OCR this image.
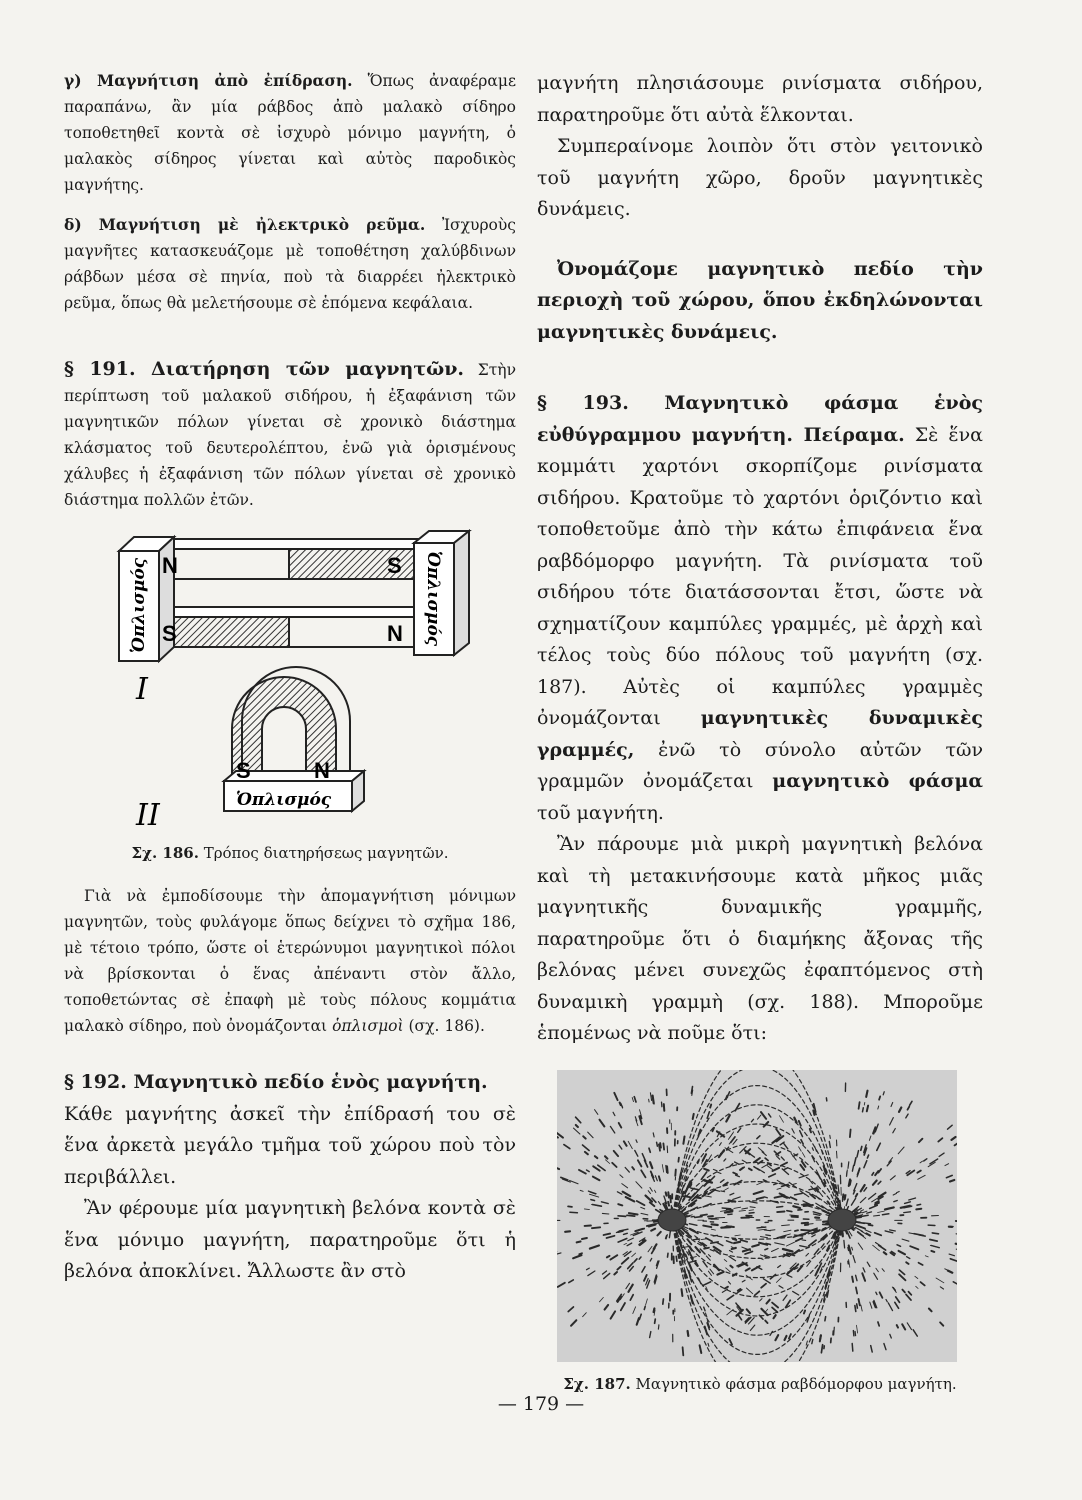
γ) Μαγνήτιση ἀπὸ ἐπίδραση. Ὅπως ἀναφέραμε παραπάνω, ἂν μία ράβδος ἀπὸ μαλακὸ σίδηρο τοποθετηθεῖ κοντὰ σὲ ἰσχυρὸ μόνιμο μαγνήτη, ὁ μαλακὸς σίδηρος γίνεται καὶ αὐτὸς παροδικὸς μαγνήτης.

δ) Μαγνήτιση μὲ ἠλεκτρικὸ ρεῦμα. Ἰσχυροὺς μαγνῆτες κατασκευάζομε μὲ τοποθέτηση χαλύβδινων ράβδων μέσα σὲ πηνία, ποὺ τὰ διαρρέει ἠλεκτρικὸ ρεῦμα, ὅπως θὰ μελετήσουμε σὲ ἑπόμενα κεφάλαια.

§ 191. Διατήρηση τῶν μαγνητῶν. Στὴν περίπτωση τοῦ μαλακοῦ σιδήρου, ἡ ἐξαφάνιση τῶν μαγνητικῶν πόλων γίνεται σὲ χρονικὸ διάστημα κλάσματος τοῦ δευτερολέπτου, ἐνῶ γιὰ ὁρισμένους χάλυβες ἡ ἐξαφάνιση τῶν πόλων γίνεται σὲ χρονικὸ διάστημα πολλῶν ἐτῶν.

N	S
S	N
Ὁπλισμός	Ὁπλισμός
I
S	N
Ὁπλισμός
II
Σχ. 186. Τρόπος διατηρήσεως μαγνητῶν.

Γιὰ νὰ ἐμποδίσουμε τὴν ἀπομαγνήτιση μόνιμων μαγνητῶν, τοὺς φυλάγομε ὅπως δείχνει τὸ σχῆμα 186, μὲ τέτοιο τρόπο, ὥστε οἱ ἑτερώνυμοι μαγνητικοὶ πόλοι νὰ βρίσκονται ὁ ἕνας ἀπέναντι στὸν ἄλλο, τοποθετώντας σὲ ἐπαφὴ μὲ τοὺς πόλους κομμάτια μαλακὸ σίδηρο, ποὺ ὀνομάζονται ὁπλισμοὶ (σχ. 186).

§ 192. Μαγνητικὸ πεδίο ἑνὸς μαγνήτη.

Κάθε μαγνήτης ἀσκεῖ τὴν ἐπίδρασή του σὲ ἕνα ἀρκετὰ μεγάλο τμῆμα τοῦ χώρου ποὺ τὸν περιβάλλει.

Ἂν φέρουμε μία μαγνητικὴ βελόνα κοντὰ σὲ ἕνα μόνιμο μαγνήτη, παρατηροῦμε ὅτι ἡ βελόνα ἀποκλίνει. Ἄλλωστε ἂν στὸ

μαγνήτη πλησιάσουμε ρινίσματα σιδήρου, παρατηροῦμε ὅτι αὐτὰ ἕλκονται.

Συμπεραίνομε λοιπὸν ὅτι στὸν γειτονικὸ τοῦ μαγνήτη χῶρο, δροῦν μαγνητικὲς δυνάμεις.

Ὀνομάζομε μαγνητικὸ πεδίο τὴν περιοχὴ τοῦ χώρου, ὅπου ἐκδηλώνονται μαγνητικὲς δυνάμεις.

§ 193. Μαγνητικὸ φάσμα ἑνὸς εὐθύγραμμου μαγνήτη. Πείραμα. Σὲ ἕνα κομμάτι χαρτόνι σκορπίζομε ρινίσματα σιδήρου. Κρατοῦμε τὸ χαρτόνι ὁριζόντιο καὶ τοποθετοῦμε ἀπὸ τὴν κάτω ἐπιφάνεια ἕνα ραβδόμορφο μαγνήτη. Τὰ ρινίσματα τοῦ σιδήρου τότε διατάσσονται ἔτσι, ὥστε νὰ σχηματίζουν καμπύλες γραμμές, μὲ ἀρχὴ καὶ τέλος τοὺς δύο πόλους τοῦ μαγνήτη (σχ. 187). Αὐτὲς οἱ καμπύλες γραμμὲς ὀνομάζονται μαγνητικὲς δυναμικὲς γραμμές, ἐνῶ τὸ σύνολο αὐτῶν τῶν γραμμῶν ὀνομάζεται μαγνητικὸ φάσμα τοῦ μαγνήτη.

Ἂν πάρουμε μιὰ μικρὴ μαγνητικὴ βελόνα καὶ τὴ μετακινήσουμε κατὰ μῆκος μιᾶς μαγνητικῆς δυναμικῆς γραμμῆς, παρατηροῦμε ὅτι ὁ διαμήκης ἄξονας τῆς βελόνας μένει συνεχῶς ἐφαπτόμενος στὴ δυναμικὴ γραμμὴ (σχ. 188). Μποροῦμε ἑπομένως νὰ ποῦμε ὅτι:

Σχ. 187. Μαγνητικὸ φάσμα ραβδόμορφου μαγνήτη.
— 179 —
